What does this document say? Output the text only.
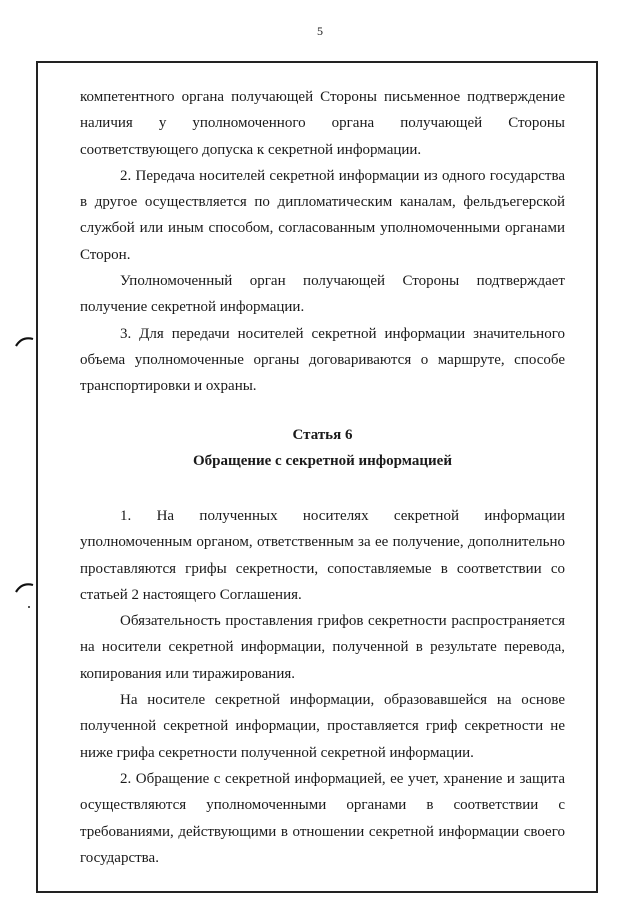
5

компетентного органа получающей Стороны письменное подтверждение наличия у уполномоченного органа получающей Стороны соответствующего допуска к секретной информации.

2. Передача носителей секретной информации из одного государства в другое осуществляется по дипломатическим каналам, фельдъегерской службой или иным способом, согласованным уполномоченными органами Сторон.

Уполномоченный орган получающей Стороны подтверждает получение секретной информации.

3. Для передачи носителей секретной информации значительного объема уполномоченные органы договариваются о маршруте, способе транспортировки и охраны.

Статья 6
Обращение с секретной информацией

1. На полученных носителях секретной информации уполномоченным органом, ответственным за ее получение, дополнительно проставляются грифы секретности, сопоставляемые в соответствии со статьей 2 настоящего Соглашения.

Обязательность проставления грифов секретности распространяется на носители секретной информации, полученной в результате перевода, копирования или тиражирования.

На носителе секретной информации, образовавшейся на основе полученной секретной информации, проставляется гриф секретности не ниже грифа секретности полученной секретной информации.

2. Обращение с секретной информацией, ее учет, хранение и защита осуществляются уполномоченными органами в соответствии с требованиями, действующими в отношении секретной информации своего государства.
